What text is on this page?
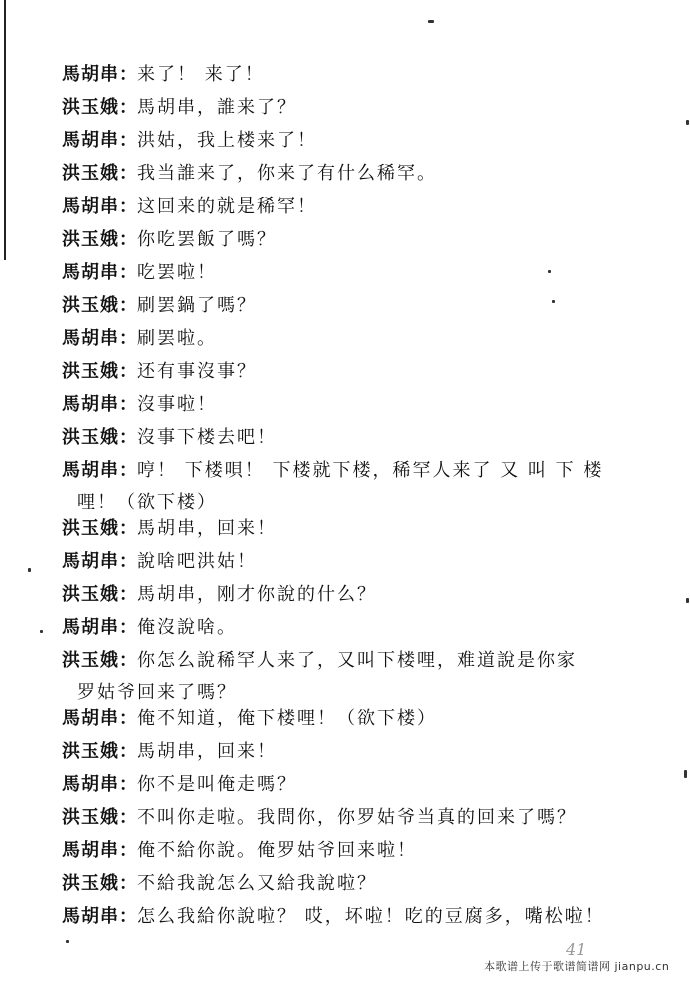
馬胡串 ： 来了！ 来了！
洪玉娥 ： 馬胡串，誰来了？
馬胡串 ： 洪姑，我上楼来了！
洪玉娥 ： 我当誰来了，你来了有什么稀罕。
馬胡串 ： 这回来的就是稀罕！
洪玉娥 ： 你吃罢飯了嗎？
馬胡串 ： 吃罢啦！
洪玉娥 ： 刷罢鍋了嗎？
馬胡串 ： 刷罢啦。
洪玉娥 ： 还有事沒事？
馬胡串 ： 沒事啦！
洪玉娥 ： 沒事下楼去吧！
馬胡串 ： 哼！ 下楼唄！ 下楼就下楼，稀罕人来了 又 叫 下 楼
哩！（欲下楼）
洪玉娥 ： 馬胡串，回来！
馬胡串 ： 說啥吧洪姑！
洪玉娥 ： 馬胡串，刚才你說的什么？
馬胡串 ： 俺沒說啥。
洪玉娥 ： 你怎么說稀罕人来了，又叫下楼哩，难道說是你家
罗姑爷回来了嗎？
馬胡串 ： 俺不知道，俺下楼哩！（欲下楼）
洪玉娥 ： 馬胡串，回来！
馬胡串 ： 你不是叫俺走嗎？
洪玉娥 ： 不叫你走啦。我問你，你罗姑爷当真的回来了嗎？
馬胡串 ： 俺不給你說。俺罗姑爷回来啦！
洪玉娥 ： 不給我說怎么又給我說啦？
馬胡串 ： 怎么我給你說啦？ 哎，坏啦！吃的豆腐多，嘴松啦！
41
本歌谱上传于歌谱简谱网 jianpu.cn
